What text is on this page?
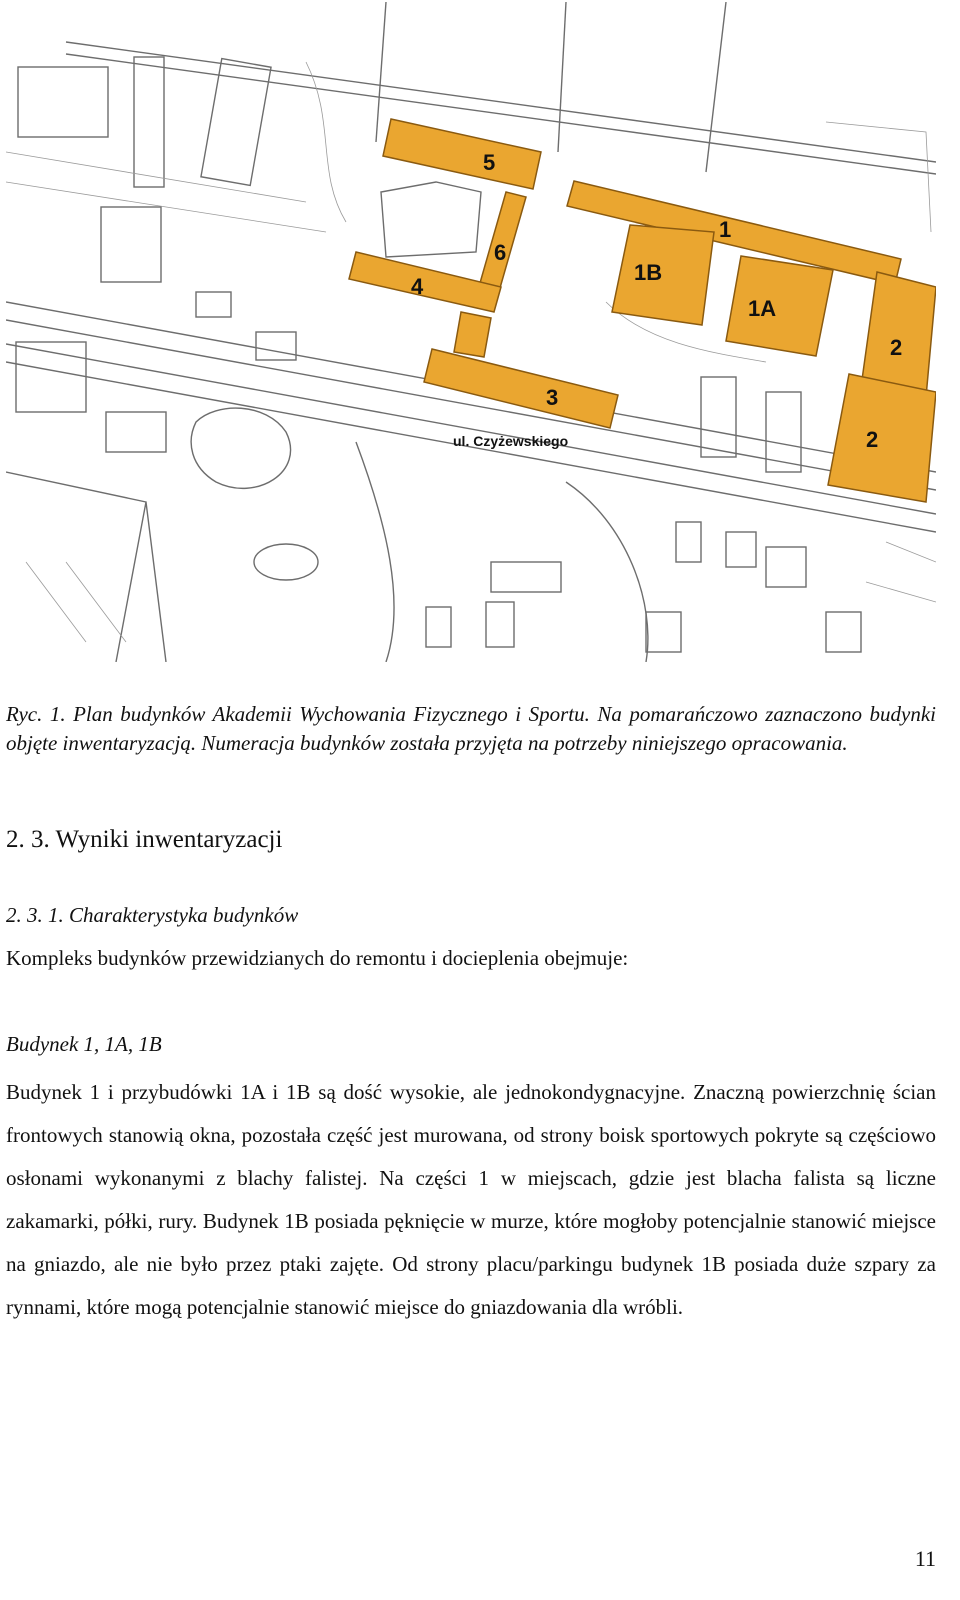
5
1
6
1B
4
1A
2
3
2
ul. Czyżewskiego
Ryc. 1. Plan budynków Akademii Wychowania Fizycznego i Sportu. Na pomarańczowo zaznaczono budynki objęte inwentaryzacją. Numeracja budynków została przyjęta na potrzeby niniejszego opracowania.
2. 3. Wyniki inwentaryzacji
2. 3. 1. Charakterystyka budynków
Kompleks budynków przewidzianych do remontu i docieplenia obejmuje:
Budynek 1, 1A, 1B
Budynek 1 i przybudówki 1A i 1B są dość wysokie, ale jednokondygnacyjne. Znaczną powierzchnię ścian frontowych stanowią okna, pozostała część jest murowana, od strony boisk sportowych pokryte są częściowo osłonami wykonanymi z blachy falistej. Na części 1 w miejscach, gdzie jest blacha falista są liczne zakamarki, półki, rury. Budynek 1B posiada pęknięcie w murze, które mogłoby potencjalnie stanowić miejsce na gniazdo, ale nie było przez ptaki zajęte. Od strony placu/parkingu budynek 1B posiada duże szpary za rynnami, które mogą potencjalnie stanowić miejsce do gniazdowania dla wróbli.
11
